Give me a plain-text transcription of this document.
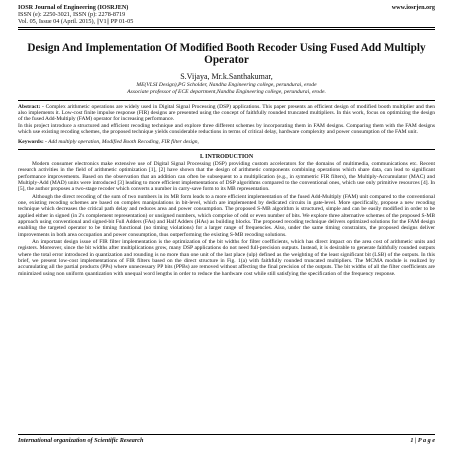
IOSR Journal of Engineering (IOSRJEN)
ISSN (e): 2250-3021, ISSN (p): 2278-8719
Vol. 05, Issue 04 (April. 2015), ||V1|| PP 01-05
www.iosrjen.org
Design And Implementation Of Modified Booth Recoder Using Fused Add Multiply Operator
S.Vijaya, Mr.k.Santhakumar,
ME(VLSI Design),PG Scholder, Nandha Engineering college, perundurai, erode
Associate professor of ECE department,Nandha Engineering college, perundurai, erode.
Abstract: - Complex arithmetic operations are widely used in Digital Signal Processing (DSP) applications. This paper presents an efficient design of modified booth multiplier and then also implements it. Low-cost finite impulse response (FIR) designs are presented using the concept of faithfully rounded truncated multipliers. In this work, focus on optimizing the design of the fused Add-Multiply (FAM) operator for increasing performance.
In this project introduce a structured and efficient recoding technique and explore three different schemes by incorporating them in FAM designs. Comparing them with the FAM designs which use existing recoding schemes, the proposed technique yields considerable reductions in terms of critical delay, hardware complexity and power consumption of the FAM unit.
Keywords: - Add multiply operation, Modified Booth Recoding, FIR filter design,
I. INTRODUCTION

Modern consumer electronics make extensive use of Digital Signal Processing (DSP) providing custom accelerators for the domains of multimedia, communications etc. Recent research activities in the field of arithmetic optimization [1], [2] have shown that the design of arithmetic components combining operations which share data, can lead to significant performance improvements. Based on the observation that an addition can often be subsequent to a multiplication (e.g., in symmetric FIR filters), the Multiply-Accumulator (MAC) and Multiply-Add (MAD) units were introduced [3] leading to more efficient implementations of DSP algorithms compared to the conventional ones, which use only primitive resources [4]. In [5], the author proposes a two-stage recoder which converts a number in carry-save form to its MB representation.

Although the direct recoding of the sum of two numbers in its MB form leads to a more efficient implementation of the fused Add-Multiply (FAM) unit compared to the conventional one, existing recoding schemes are based on complex manipulations in bit-level, which are implemented by dedicated circuits in gate-level. More specifically, propose a new recoding technique which decreases the critical path delay and reduces area and power consumption. The proposed S-MB algorithm is structured, simple and can be easily modified in order to be applied either in signed (in 2's complement representation) or unsigned numbers, which comprise of odd or even number of bits. We explore three alternative schemes of the proposed S-MB approach using conventional and signed-bit Full Adders (FAs) and Half Adders (HAs) as building blocks. The proposed recoding technique delivers optimized solutions for the FAM design enabling the targeted operator to be timing functional (no timing violations) for a larger range of frequencies. Also, under the same timing constraints, the proposed designs deliver improvements in both area occupation and power consumption, thus outperforming the existing S-MB recoding solutions.

An important design issue of FIR filter implementation is the optimization of the bit widths for filter coefficients, which has direct impact on the area cost of arithmetic units and registers. Moreover, since the bit widths after multiplications grow, many DSP applications do not need full-precision outputs. Instead, it is desirable to generate faithfully rounded outputs where the total error introduced in quantization and rounding is no more than one unit of the last place (ulp) defined as the weighting of the least significant bit (LSB) of the outputs. In this brief, we present low-cost implementations of FIR filters based on the direct structure in Fig. 1(a) with faithfully rounded truncated multipliers. The MCMA module is realized by accumulating all the partial products (PPs) where unnecessary PP bits (PPBs) are removed without affecting the final precision of the outputs. The bit widths of all the filter coefficients are minimized using non uniform quantization with unequal word lengths in order to reduce the hardware cost while still satisfying the specification of the frequency response.

International organization of Scientific Research	1 | P a g e
